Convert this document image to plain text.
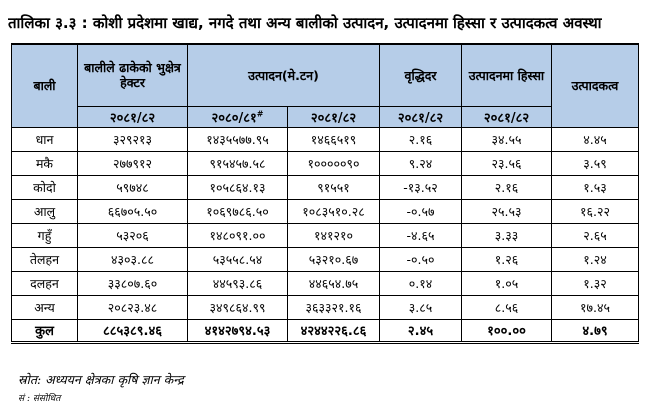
तालिका ३.३ : कोशी प्रदेशमा खाद्य, नगदे तथा अन्य बालीको उत्पादन, उत्पादनमा हिस्सा र उत्पादकत्व अवस्था
बाली	बालीले ढाकेको भुक्षेत्र हेक्टर	उत्पादन(मे.टन)		वृद्धिदर	उत्पादनमा हिस्सा	उत्पादकत्व
	२०८१/८२	२०८०/८१#	२०८१/८२	२०८१/८२	२०८१/८२	
धान	३२९२१३	१४३५५७७.९५	१४६६५१९	२.१६	३४.५५	४.४५
मकै	२७७९१२	९१५४५७.५८	१०००००९०	९.२४	२३.५६	३.५९
कोदो	५९७४८	१०५८६४.१३	९१५५१	-१३.५२	२.१६	१.५३
आलु	६६७०५.५०	१०६९७८६.५०	१०८३५१०.२८	-०.५७	२५.५३	१६.२२
गहुँ	५३२०६	१४८०९१.००	१४१२१०	-४.६५	३.३३	२.६५
तेलहन	४३०३.८८	५३५५८.५४	५३२१०.६७	-०.५०	१.२६	१.२४
दलहन	३३८०७.६०	४४५९३.८६	४४६५४.७५	०.१४	१.०५	१.३२
अन्य	२०८२३.४८	३४९८६४.९९	३६३३२१.१६	३.८५	८.५६	१७.४५
कुल	८८५३८९.४६	४१४२७९४.५३	४२४४२२६.८६	२.४५	१००.००	४.७९
स्रोत: अध्ययन क्षेत्रका कृषि ज्ञान केन्द्र
सं : संसोधित
